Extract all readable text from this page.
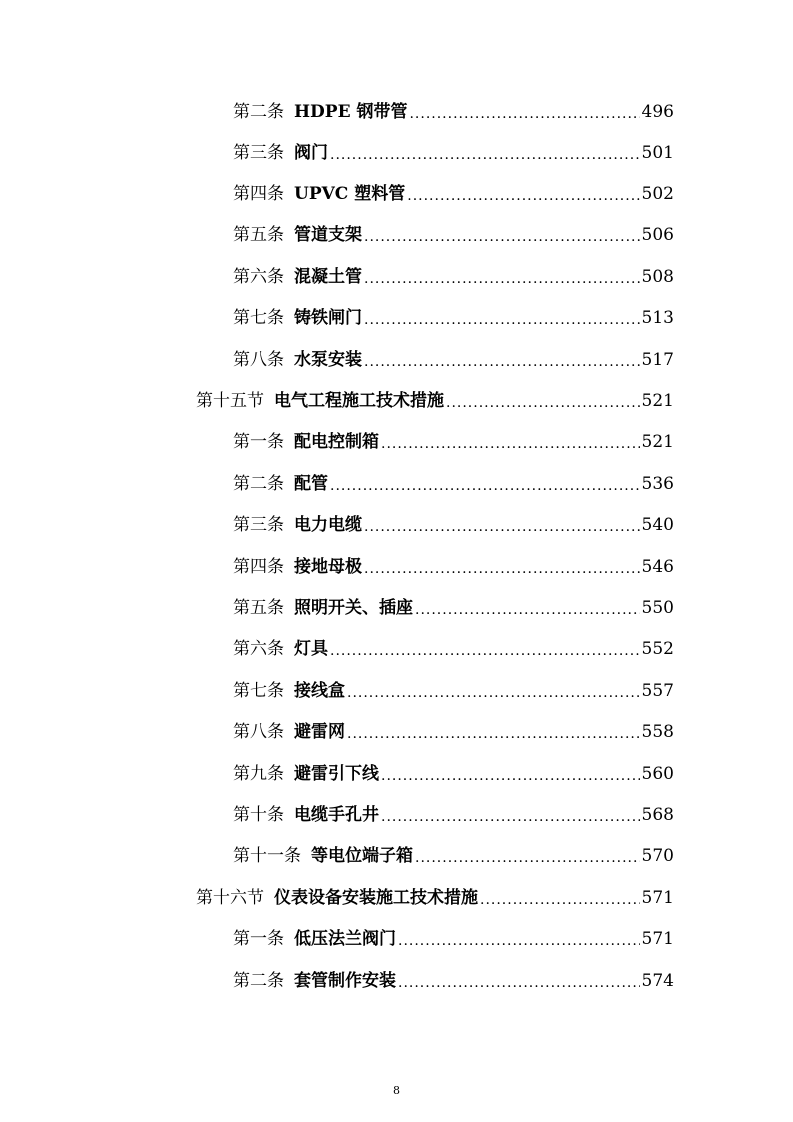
第二条 HDPE 钢带管 .....	496
第三条 阀门 .....	501
第四条 UPVC 塑料管 .....	502
第五条 管道支架 .....	506
第六条 混凝土管 .....	508
第七条 铸铁闸门 .....	513
第八条 水泵安装 .....	517
第十五节 电气工程施工技术措施 .....	521
第一条 配电控制箱 .....	521
第二条 配管 .....	536
第三条 电力电缆 .....	540
第四条 接地母极 .....	546
第五条 照明开关、插座 .....	550
第六条 灯具 .....	552
第七条 接线盒 .....	557
第八条 避雷网 .....	558
第九条 避雷引下线 .....	560
第十条 电缆手孔井 .....	568
第十一条 等电位端子箱 .....	570
第十六节 仪表设备安装施工技术措施 .....	571
第一条 低压法兰阀门 .....	571
第二条 套管制作安装 .....	574
8
